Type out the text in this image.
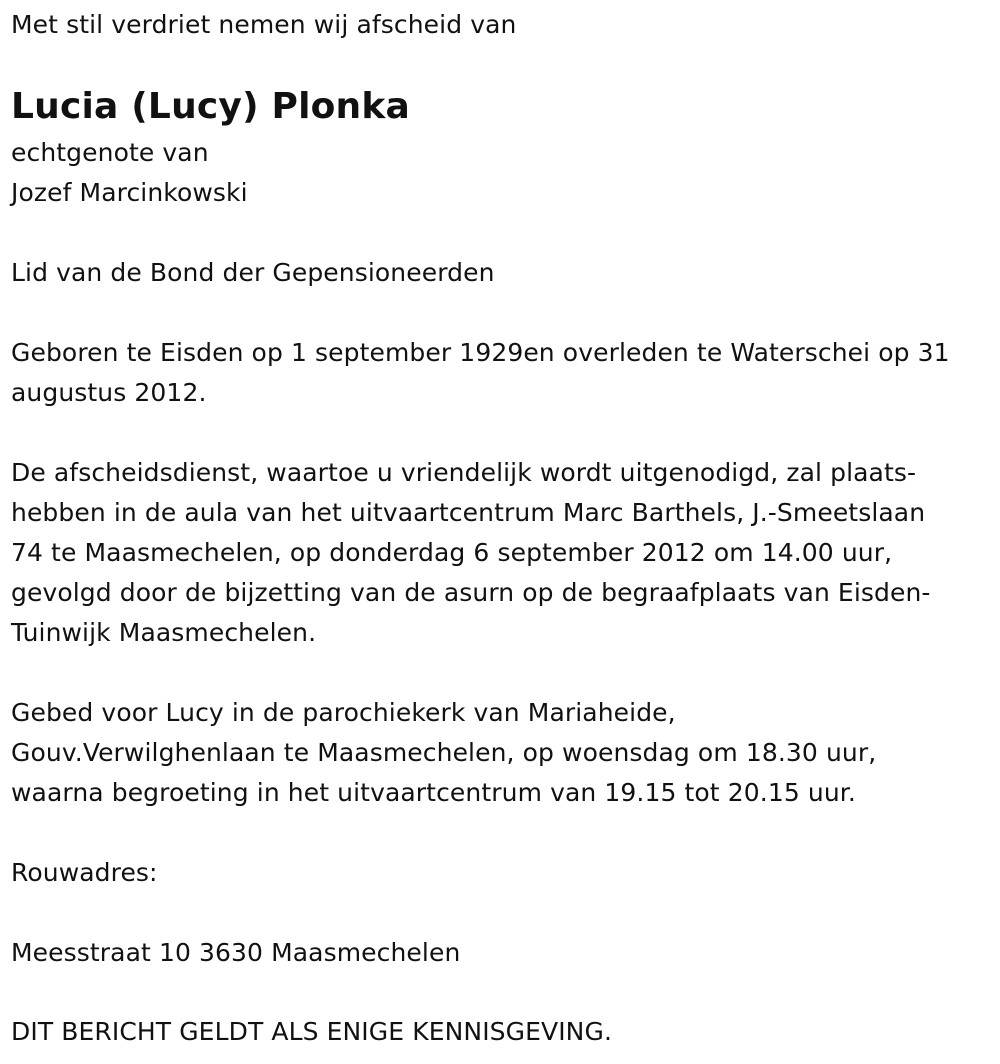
Met stil verdriet nemen wij afscheid van
Lucia (Lucy) Plonka
echtgenote van
Jozef Marcinkowski
Lid van de Bond der Gepensioneerden
Geboren te Eisden op 1 september 1929en overleden te Waterschei op 31
augustus 2012.
De afscheidsdienst, waartoe u vriendelijk wordt uitgenodigd, zal plaats-
hebben in de aula van het uitvaartcentrum Marc Barthels, J.-Smeetslaan
74 te Maasmechelen, op donderdag 6 september 2012 om 14.00 uur,
gevolgd door de bijzetting van de asurn op de begraafplaats van Eisden-
Tuinwijk Maasmechelen.
Gebed voor Lucy in de parochiekerk van Mariaheide,
Gouv.Verwilghenlaan te Maasmechelen, op woensdag om 18.30 uur,
waarna begroeting in het uitvaartcentrum van 19.15 tot 20.15 uur.
Rouwadres:
Meesstraat 10 3630 Maasmechelen
DIT BERICHT GELDT ALS ENIGE KENNISGEVING.
